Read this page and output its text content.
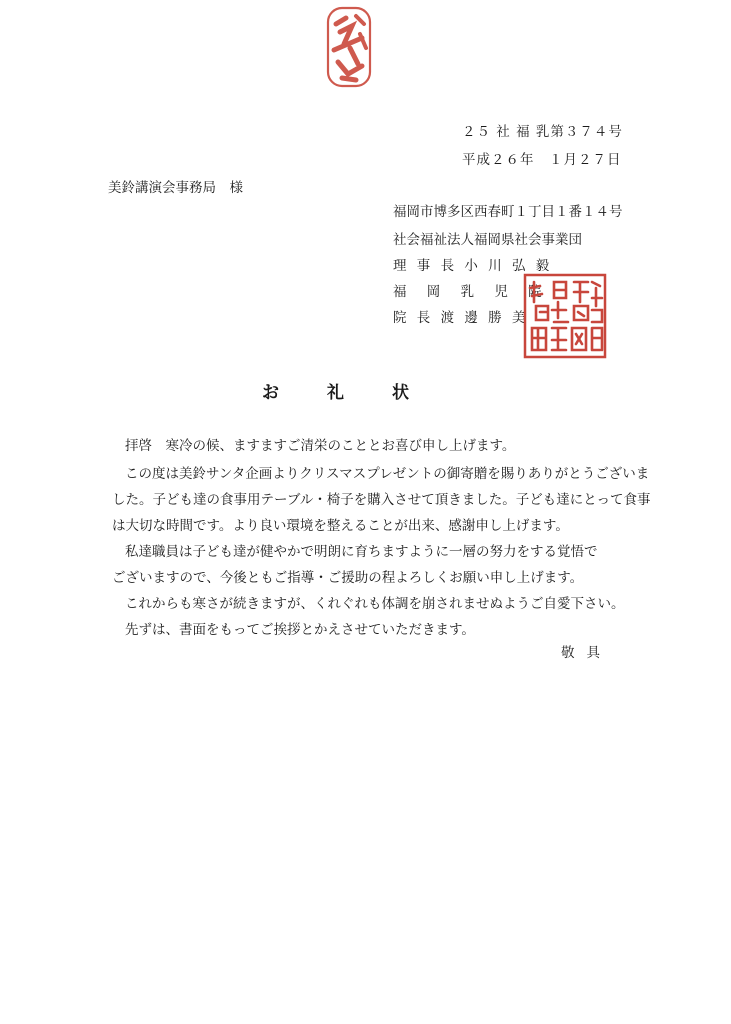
２５ 社 福 乳第３７４号
平成２６年　１月２７日
美鈴講演会事務局　様
福岡市博多区西春町１丁目１番１４号
社会福祉法人福岡県社会事業団
理 事 長 小 川 弘 毅
福 岡 乳 児 院
院 長 渡 邊 勝 美
お礼状
拝啓　寒冷の候、ますますご清栄のこととお喜び申し上げます。
この度は美鈴サンタ企画よりクリスマスプレゼントの御寄贈を賜りありがとうございま
した。子ども達の食事用テーブル・椅子を購入させて頂きました。子ども達にとって食事
は大切な時間です。より良い環境を整えることが出来、感謝申し上げます。
私達職員は子ども達が健やかで明朗に育ちますように一層の努力をする覚悟で
ございますので、今後ともご指導・ご援助の程よろしくお願い申し上げます。
これからも寒さが続きますが、くれぐれも体調を崩されませぬようご自愛下さい。
先ずは、書面をもってご挨拶とかえさせていただきます。
敬具
